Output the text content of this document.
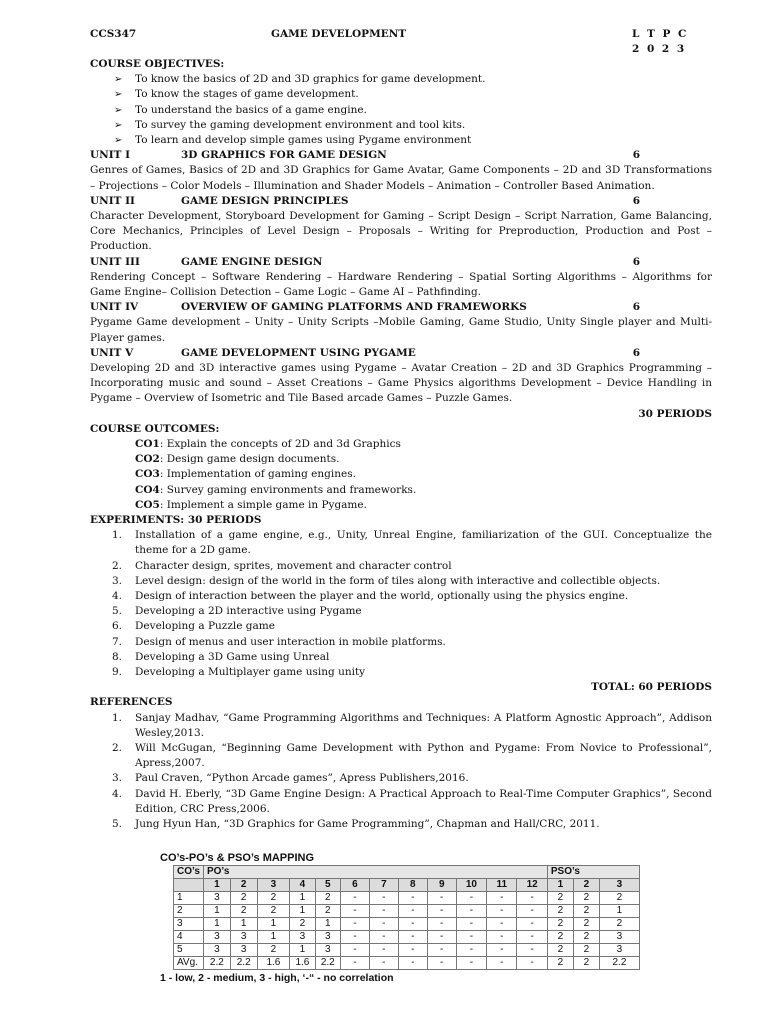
CCS347	GAME DEVELOPMENT	L T P C
2 0 2 3
COURSE OBJECTIVES:
➢ To know the basics of 2D and 3D graphics for game development.
➢ To know the stages of game development.
➢ To understand the basics of a game engine.
➢ To survey the gaming development environment and tool kits.
➢ To learn and develop simple games using Pygame environment
UNIT I	3D GRAPHICS FOR GAME DESIGN	6
Genres of Games, Basics of 2D and 3D Graphics for Game Avatar, Game Components – 2D and 3D Transformations – Projections – Color Models – Illumination and Shader Models – Animation – Controller Based Animation.
UNIT II	GAME DESIGN PRINCIPLES	6
Character Development, Storyboard Development for Gaming – Script Design – Script Narration, Game Balancing, Core Mechanics, Principles of Level Design – Proposals – Writing for Preproduction, Production and Post – Production.
UNIT III	GAME ENGINE DESIGN	6
Rendering Concept – Software Rendering – Hardware Rendering – Spatial Sorting Algorithms – Algorithms for Game Engine– Collision Detection – Game Logic – Game AI – Pathfinding.
UNIT IV	OVERVIEW OF GAMING PLATFORMS AND FRAMEWORKS	6
Pygame Game development – Unity – Unity Scripts –Mobile Gaming, Game Studio, Unity Single player and Multi-Player games.
UNIT V	GAME DEVELOPMENT USING PYGAME	6
Developing 2D and 3D interactive games using Pygame – Avatar Creation – 2D and 3D Graphics Programming – Incorporating music and sound – Asset Creations – Game Physics algorithms Development – Device Handling in Pygame – Overview of Isometric and Tile Based arcade Games – Puzzle Games.
30 PERIODS
COURSE OUTCOMES:
CO1: Explain the concepts of 2D and 3d Graphics
CO2: Design game design documents.
CO3: Implementation of gaming engines.
CO4: Survey gaming environments and frameworks.
CO5: Implement a simple game in Pygame.
EXPERIMENTS: 30 PERIODS
1. Installation of a game engine, e.g., Unity, Unreal Engine, familiarization of the GUI. Conceptualize the theme for a 2D game.
2. Character design, sprites, movement and character control
3. Level design: design of the world in the form of tiles along with interactive and collectible objects.
4. Design of interaction between the player and the world, optionally using the physics engine.
5. Developing a 2D interactive using Pygame
6. Developing a Puzzle game
7. Design of menus and user interaction in mobile platforms.
8. Developing a 3D Game using Unreal
9. Developing a Multiplayer game using unity
TOTAL: 60 PERIODS
REFERENCES
1. Sanjay Madhav, “Game Programming Algorithms and Techniques: A Platform Agnostic Approach”, Addison Wesley,2013.
2. Will McGugan, “Beginning Game Development with Python and Pygame: From Novice to Professional”, Apress,2007.
3. Paul Craven, “Python Arcade games”, Apress Publishers,2016.
4. David H. Eberly, “3D Game Engine Design: A Practical Approach to Real-Time Computer Graphics”, Second Edition, CRC Press,2006.
5. Jung Hyun Han, “3D Graphics for Game Programming”, Chapman and Hall/CRC, 2011.
CO’s-PO’s & PSO’s MAPPING
CO’s	PO’s												PSO’s		
	1	2	3	4	5	6	7	8	9	10	11	12	1	2	3
1	3	2	2	1	2	-	-	-	-	-	-	-	2	2	2
2	1	2	2	1	2	-	-	-	-	-	-	-	2	2	1
3	1	1	1	2	1	-	-	-	-	-	-	-	2	2	2
4	3	3	1	3	3	-	-	-	-	-	-	-	2	2	3
5	3	3	2	1	3	-	-	-	-	-	-	-	2	2	3
AVg.	2.2	2.2	1.6	1.6	2.2	-	-	-	-	-	-	-	2	2	2.2
1 - low, 2 - medium, 3 - high, ‘-“ - no correlation
